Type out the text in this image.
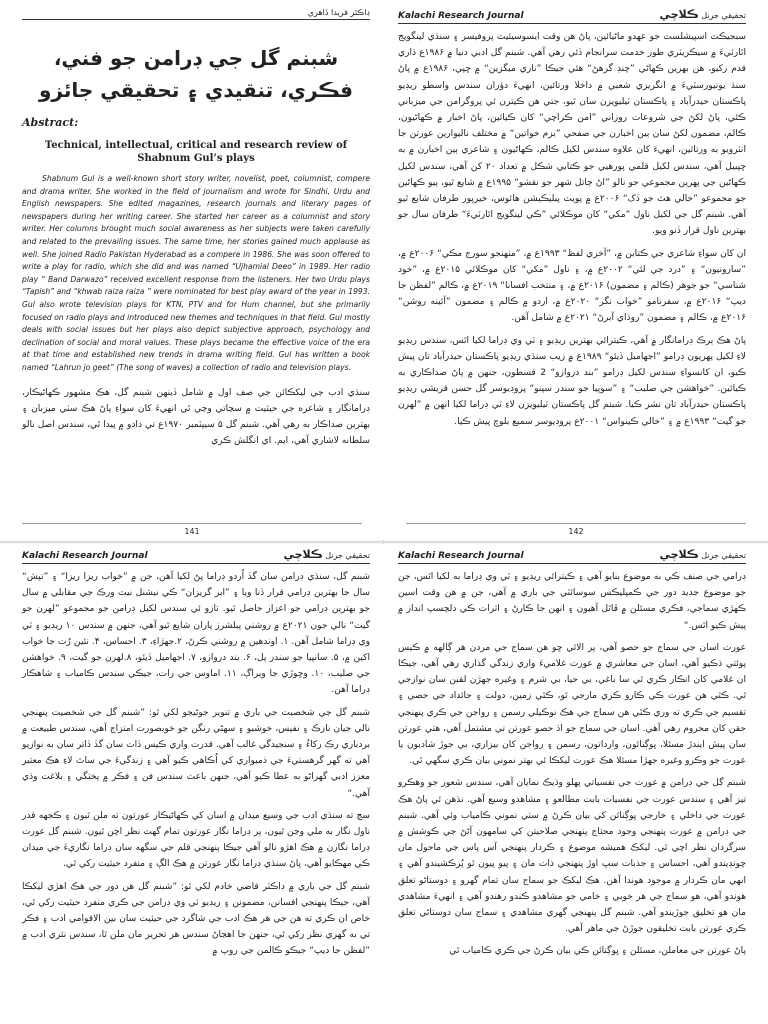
ڊاڪٽر فريدا ڏاهري
شبنم گل جي ڊرامن جو فني، فڪري، تنقيدي ۽ تحقيقي جائزو
Abstract:
Technical, intellectual, critical and research review of Shabnum Gul’s plays
Shabnum Gul is a well-known short story writer, novelist, poet, columnist, compere and drama writer. She worked in the field of journalism and wrote for Sindhi, Urdu and English newspapers. She edited magazines, research journals and literary pages of newspapers during her writing career. She started her career as a columnist and story writer. Her columns brought much social awareness as her subjects were taken carefully and related to the prevailing issues. The same time, her stories gained much applause as well. She joined Radio Pakistan Hyderabad as a compere in 1986. She was soon offered to write a play for radio, which she did and was named “Ujhamial Deeo” in 1989. Her radio play “ Band Darwazo” received excellent response from the listeners. Her two Urdu plays “Tapish” and “khwab raiza raiza ” were nominated for best play award of the year in 1993. Gul also wrote television plays for KTN, PTV and for Hum channel, but she primarily focused on radio plays and introduced new themes and techniques in that field. Gul mostly deals with social issues but her plays also depict subjective approach, psychology and declination of social and moral values. These plays became the effective voice of the era at that time and established new trends in drama writing field. Gul has written a book named “Lahrun jo geet” (The song of waves) a collection of radio and television plays.
سنڌي ادب جي ليکڪائن جي صف اول ۾ شامل ڏينهن شبنم گل، هڪ مشهور ڪهاڻيڪار، ڊرامانگار ۽ شاعره جي حيثيت ۾ سڃاتي وڃي ٿي انهيءَ کان سواءِ پاڻ هڪ سٺي ميزبان ۽ بهترين صداڪار به رهي آهي. شبنم گل ۵ سيپٽمبر ۱۹۷۰ع تي دادو ۾ پيدا ٿي، سندس اصل نالو سلطانه لاشاري آهي، ايم. اي انگلش ڪري
141
Kalachi Research Journal	تحقيقي جرنل ڪلاچي

سبجيڪٽ اسپيشلسٽ جو عهدو ماڻيائين، پاڻ هن وقت ايسوسيئيٽ پروفيسر ۽ سنڌي لينگويج اٿارٽيءَ ۾ سيڪريٽري طور خدمت سرانجام ڏئي رهي آهي. شبنم گل ادبي دنيا ۾ ۱۹۸۶ع ڌاري قدم رکيو، هن بهرين ڪهاڻي ”چنڊ گرهڻ“ هئي جيڪا ”ناري ميگزين“ ۾ ڇپي، ۱۹۸۶ع ۾ پاڻ سنڌ يونيورسٽيءَ ۾ انگريزي شعبي ۾ داخلا ورتائين، انهيءَ دؤران سندس واسطو ريڊيو پاڪستان حيدرآباد ۽ پاڪستان ٽيليويزن سان ٿيو، جتي هن ڪيترن ئي پروگرامن جي ميزباني ڪئي، پاڻ لکڻ جي شروعات روزاني ”امن ڪراچي“ کان ڪيائين، پاڻ اخبار ۾ ڪهاڻيون، ڪالم، مضمون لکڻ سان ٻين اخبارن جي صفحي ”بزم خواتين“ ۾ مختلف ناليوارين عورتن جا انٽرويو به ورتائين، انهيءَ کان علاوه سندس لکيل ڪالم، ڪهاڻيون ۽ شاعري ٻين اخبارن ۾ به ڇپبيل آهي، سندس لکيل قلمي پورهيي جو ڪتابي شڪل ۾ تعداد ۲۰ کن آهي، سندس لکيل ڪهاڻين جي پهرين مجموعي جو نالو ”اڻ ڄاتل شهر جو نقشو“ ۱۹۹۵ع ۾ شايع ٿيو، ٻيو ڪهاڻين جو مجموعو ”خالي هٿ جو ڏک“ ۲۰۰۶ع ۾ پويٽ پبليڪيشن هائوس، خيرپور طرفان شايع ٿيو آهي. شبنم گل جي لکيل ناول ”مکي“ کان موڪلائي ”ڪي لينگويج اٿارٽيءَ“ طرفان سال جو بهترين ناول قرار ڏنو ويو.

ان کان سواءِ شاعري جي ڪتابن ۾، ”آخري لفظ“ ۱۹۹۳ع ۾، ”منهنجو سورج مڪي“ ۲۰۰۶ع ۾، ”سارونيون“ ۽ ”درد جي لئي“ ۲۰۰۲ع ۾، ۽ ناول ”مکي“ کان موڪلائي ۲۰۱۵ع ۾، ”خود شناسي“ جو جوهر (ڪالم ۽ مضمون) ۲۰۱۶ع ۾، ۽ منتخب افسانا“ ۲۰۱۹ع ۾، ڪالم ”لفظن جا ديپ“ ۲۰۱۶ع ۾، سفرنامو ”خواب نگر“ ۲۰۲۰ع ۾، اردو ۾ ڪالم ۽ مضمون ”آئينه روشن“ ۲۰۱۶ع ۾، ڪالم ۽ مضمون ”روڌاي آبرڻ“ ۲۰۲۱ع ۾ شامل آهن.

پاڻ هڪ ٻرڪ ڊرامانگار ۾ آهي، ڪيترائي بهترين ريڊيو ۽ ٽي وي ڊراما لکيا اٿس، سندس ريڊيو لاءِ لکيل پهريون ڊرامو ”اجهاميل ڏيئو“ ۱۹۸۹ع ۾ زيب سنڌي ريڊيو پاڪستان حيدرآباد تان پيش ڪيو، ان کانسواءِ سندس لکيل ڊرامو ”بند دروازو“ 2 قسطون، جنهن ۾ پاڻ صداڪاري به ڪيائين. ”خواهشن جي صليب“ ۽ ”سوپيا جو سندر سپنو“ پروڊيوسر گل حسن قريشي ريڊيو پاڪستان حيدرآباد تان نشر ڪيا. شبنم گل پاڪستان ٽيليويزن لاءِ ٽي ڊراما لکيا انهن ۾ ”لهرن جو گيت“ ۱۹۹۳ع ۾ ۽ ”خالي ڪينواس“ ۲۰۰۱ع پروڊيوسر سميع بلوچ پيش ڪيا.

142
Kalachi Research Journal	تحقيقي جرنل ڪلاچي

شبنم گل، سنڌي ڊرامن سان گڏ اُردو ڊراما پڻ لکيا آهن، جن ۾ ”خواب ريزا ريزا“ ۽ ”تپش“ سال جا بهترين ڊرامي قرار ڏنا ويا ۽ ”ابر گريزان“ ڪي نيشنل نيٽ ورڪ جي مقابلي ۾ سال جو بهترين ڊرامي جو اعزاز حاصل ٿيو. تازو ئي سندس لکيل ڊرامن جو مجموعو ”لهرن جو گيت“ نالي جون ۲۰۲۱ع ۾ روشني پبلشرز پاران شايع ٿيو آهي، جنهن ۾ سندس ۱۰ ريڊيو ۽ ٽي وي ڊراما شامل آهن. ۱. اوندهين ۾ روشني ڪرڻ، ۲.جهڙاءِ، ۳. احساس، ۴. نئين رُت جا خواب اکين ۾، ۵. سانپيا جو سندر پل، ۶. بند دروازو، ۷. اجهاميل ڏيئو، ۸.لهرن جو گيت، ۹. خواهشن جي صليب، ۱۰. وڇوڙي جا ويراڳ، ۱۱. اماوس جي رات، جيڪي سندس ڪامياب ۽ شاهڪار ڊراما آهن.

شبنم گل جي شخصيت جي باري ۾ تنوير جوڻيجو لکي ٿو: ”شبنم گل جي شخصيت پنهنجي نالي جيان نازڪ ۽ نفيس، خوشبو ۽ سهڻي رنگن جو خوبصورت امتزاج آهي، سندس طبيعت ۾ بردباري رڪ رکاءُ ۽ سنجيدگي غالب آهي. قدرت واري ڪيس ڏات سان گڏ ڏاتر سان به نوازيو آهي ته گهر گرهستيءَ جي ذميواري کي اُڪاهي ڪيو آهي ۽ زندگيءَ جي ساٿ لاءِ هڪ معتبر معزز ادبي گهراڻو به عطا ڪيو آهي، جنهن باعث سندس فن ۽ فڪر ۾ پختگي ۽ بلاغت وڌي آهي.“

سچ ته سنڌي ادب جي وسيع ميدان ۾ اسان کي ڪهاڻيڪار عورتون ته ملن ٿيون ۽ ڪجهه قدر ناول نگار به ملي وڃن ٿيون، پر ڊراما نگار عورتون تمام گهٽ نظر اچن ٿيون. شبنم گل عورت ڊراما نگارن ۾ هڪ اهڙو نالو آهي جيڪا پنهنجي قلم جي سگهه سان ڊراما نگاريءَ جي ميدان ڪي مهڪايو آهي، پاڻ سنڌي ڊراما نگار عورتن ۾ هڪ الڳ ۽ منفرد حيثيت رکي ٿي.

شبنم گل جي باري ۾ ڊاڪٽر قاضي خادم لکي ٿو: ”شبنم گل هن دور جي هڪ اهڙي ليکڪا آهي، جيڪا پنهنجي افسانن، مضمونن ۽ ريڊيو ٽي وي ڊرامن جي ڪري منفرد حيثيت رکي ٿي، خاص ان ڪري ته هن جي هر هڪ ادب جي شاگرد جي حيثيت سان بين الاقوامي ادب ۽ فڪر تي به گهري نظر رکي ٿي، جنهن جا اهڃاڻ سندس هر تحرير مان ملن ٿا، سندس نثري ادب ۾ ”لفظن جا ديپ“ جيڪو ڪالمن جي روپ ۾

Kalachi Research Journal	تحقيقي جرنل ڪلاچي

ڊرامي جي صنف ڪي به موضوع بنايو آهي ۽ ڪيترائي ريڊيو ۽ ٽي وي ڊراما به لکيا اٿس، جن جو موضوع جديد دور جي ڪمپليڪس سوسائٽي جي باري ۾ آهي، جن ۾ هن وقت اسين ڪهڙي سماجي، فڪري مسئلن ۾ ڦاٿل آهيون ۽ انهن جا ڪارڻ ۽ اثرات ڪي دلچسپ انداز ۾ پيش ڪيو اٿس.“

عورت اسان جي سماج جو حصو آهي، پر الائي ڇو هن سماج جي مردن هر ڳالهه ۾ ڪيس پوئتي ڌڪيو آهي، اسان جي معاشري ۾ عورت غلاميءَ واري زندگي گذاري رهي آهي، جيڪا ان غلامي کان انڪار ڪري ٿي سا باغي، بي حيا، بي شرم ۽ وغيره جهڙن لقبن سان نوازجي ٿي. ڪٿي هن عورت ڪي ڪارو ڪري مارجي ٿو، ڪٿي زمين، دولت ۽ جائداد جي حصي ۽ تقسيم جي ڪري ته وري ڪٿي هن سماج جي هڪ نوڪيلي رسمن ۽ رواجن جي ڪري پنهنجي حقن کان محروم رهي آهي. اسان جي سماج جو اڌ حصو عورتن تي مشتمل آهي، هتي عورتن سان پيش ايندڙ مسئلا، ڀوڳنائون، وارداتون، رسمن ۽ رواجن کان بيزاري، بي جوڙ شاديون يا عورت جو وڪرو وغيره جهڙا مسئلا هڪ عورت ليکڪا ئي بهتر نموني بيان ڪري سگهي ٿي.

شبنم گل جي ڊرامن ۾ عورت جي نفسياتي پهلو وڌيڪ نمايان آهي، سندس شعور جو وهڪرو تيز آهي ۽ سندس عورت جي نفسيات بابت مطالعو ۽ مشاهدو وسيع آهي. نڌهن ئي پاڻ هڪ عورت جي داخلي ۽ خارجي ڀوڳنائن کي بيان ڪرڻ ۾ سٺي نموني ڪامياب وئي آهي. شبنم جي ڊرامن ۾ عورت پنهنجي وجود محتاج پنهنجي صلاحيتن کي سامهون آڻڻ جي ڪوشش ۾ سرگردان نظر اچي ٿي. ليکڪ هميشه موضوع ۽ ڪردار پنهنجي آس پاس جي ماحول مان چونڊيندو آهي، احساس ۽ جذبات سڀ اوڙ پنهنجي ذات مان ۽ پيو پيون ٿو پُرڪشيندو آهي ۽ انهي مان ڪردار ۾ موجود هوندا آهن. هڪ ليکڪ جو سماج سان تمام گهرو ۽ دوستاڻو تعلق هوندو آهي، هو سماج جي هر خوبي ۽ خامي جو مشاهدو ڪندو رهندو آهي ۽ انهيءَ مشاهدي مان هو تخليق جوڙيندو آهي. شبنم گل پنهنجي گهري مشاهدي ۽ سماج سان دوستاڻي تعلق ڪري عورتن بابت تخليقون جوڙڻ جي ماهر آهي.

پاڻ عورتن جي معاملن، مسئلن ۽ ڀوڳنائن ڪي بيان ڪرڻ جي ڪري ڪامياب ٿي
